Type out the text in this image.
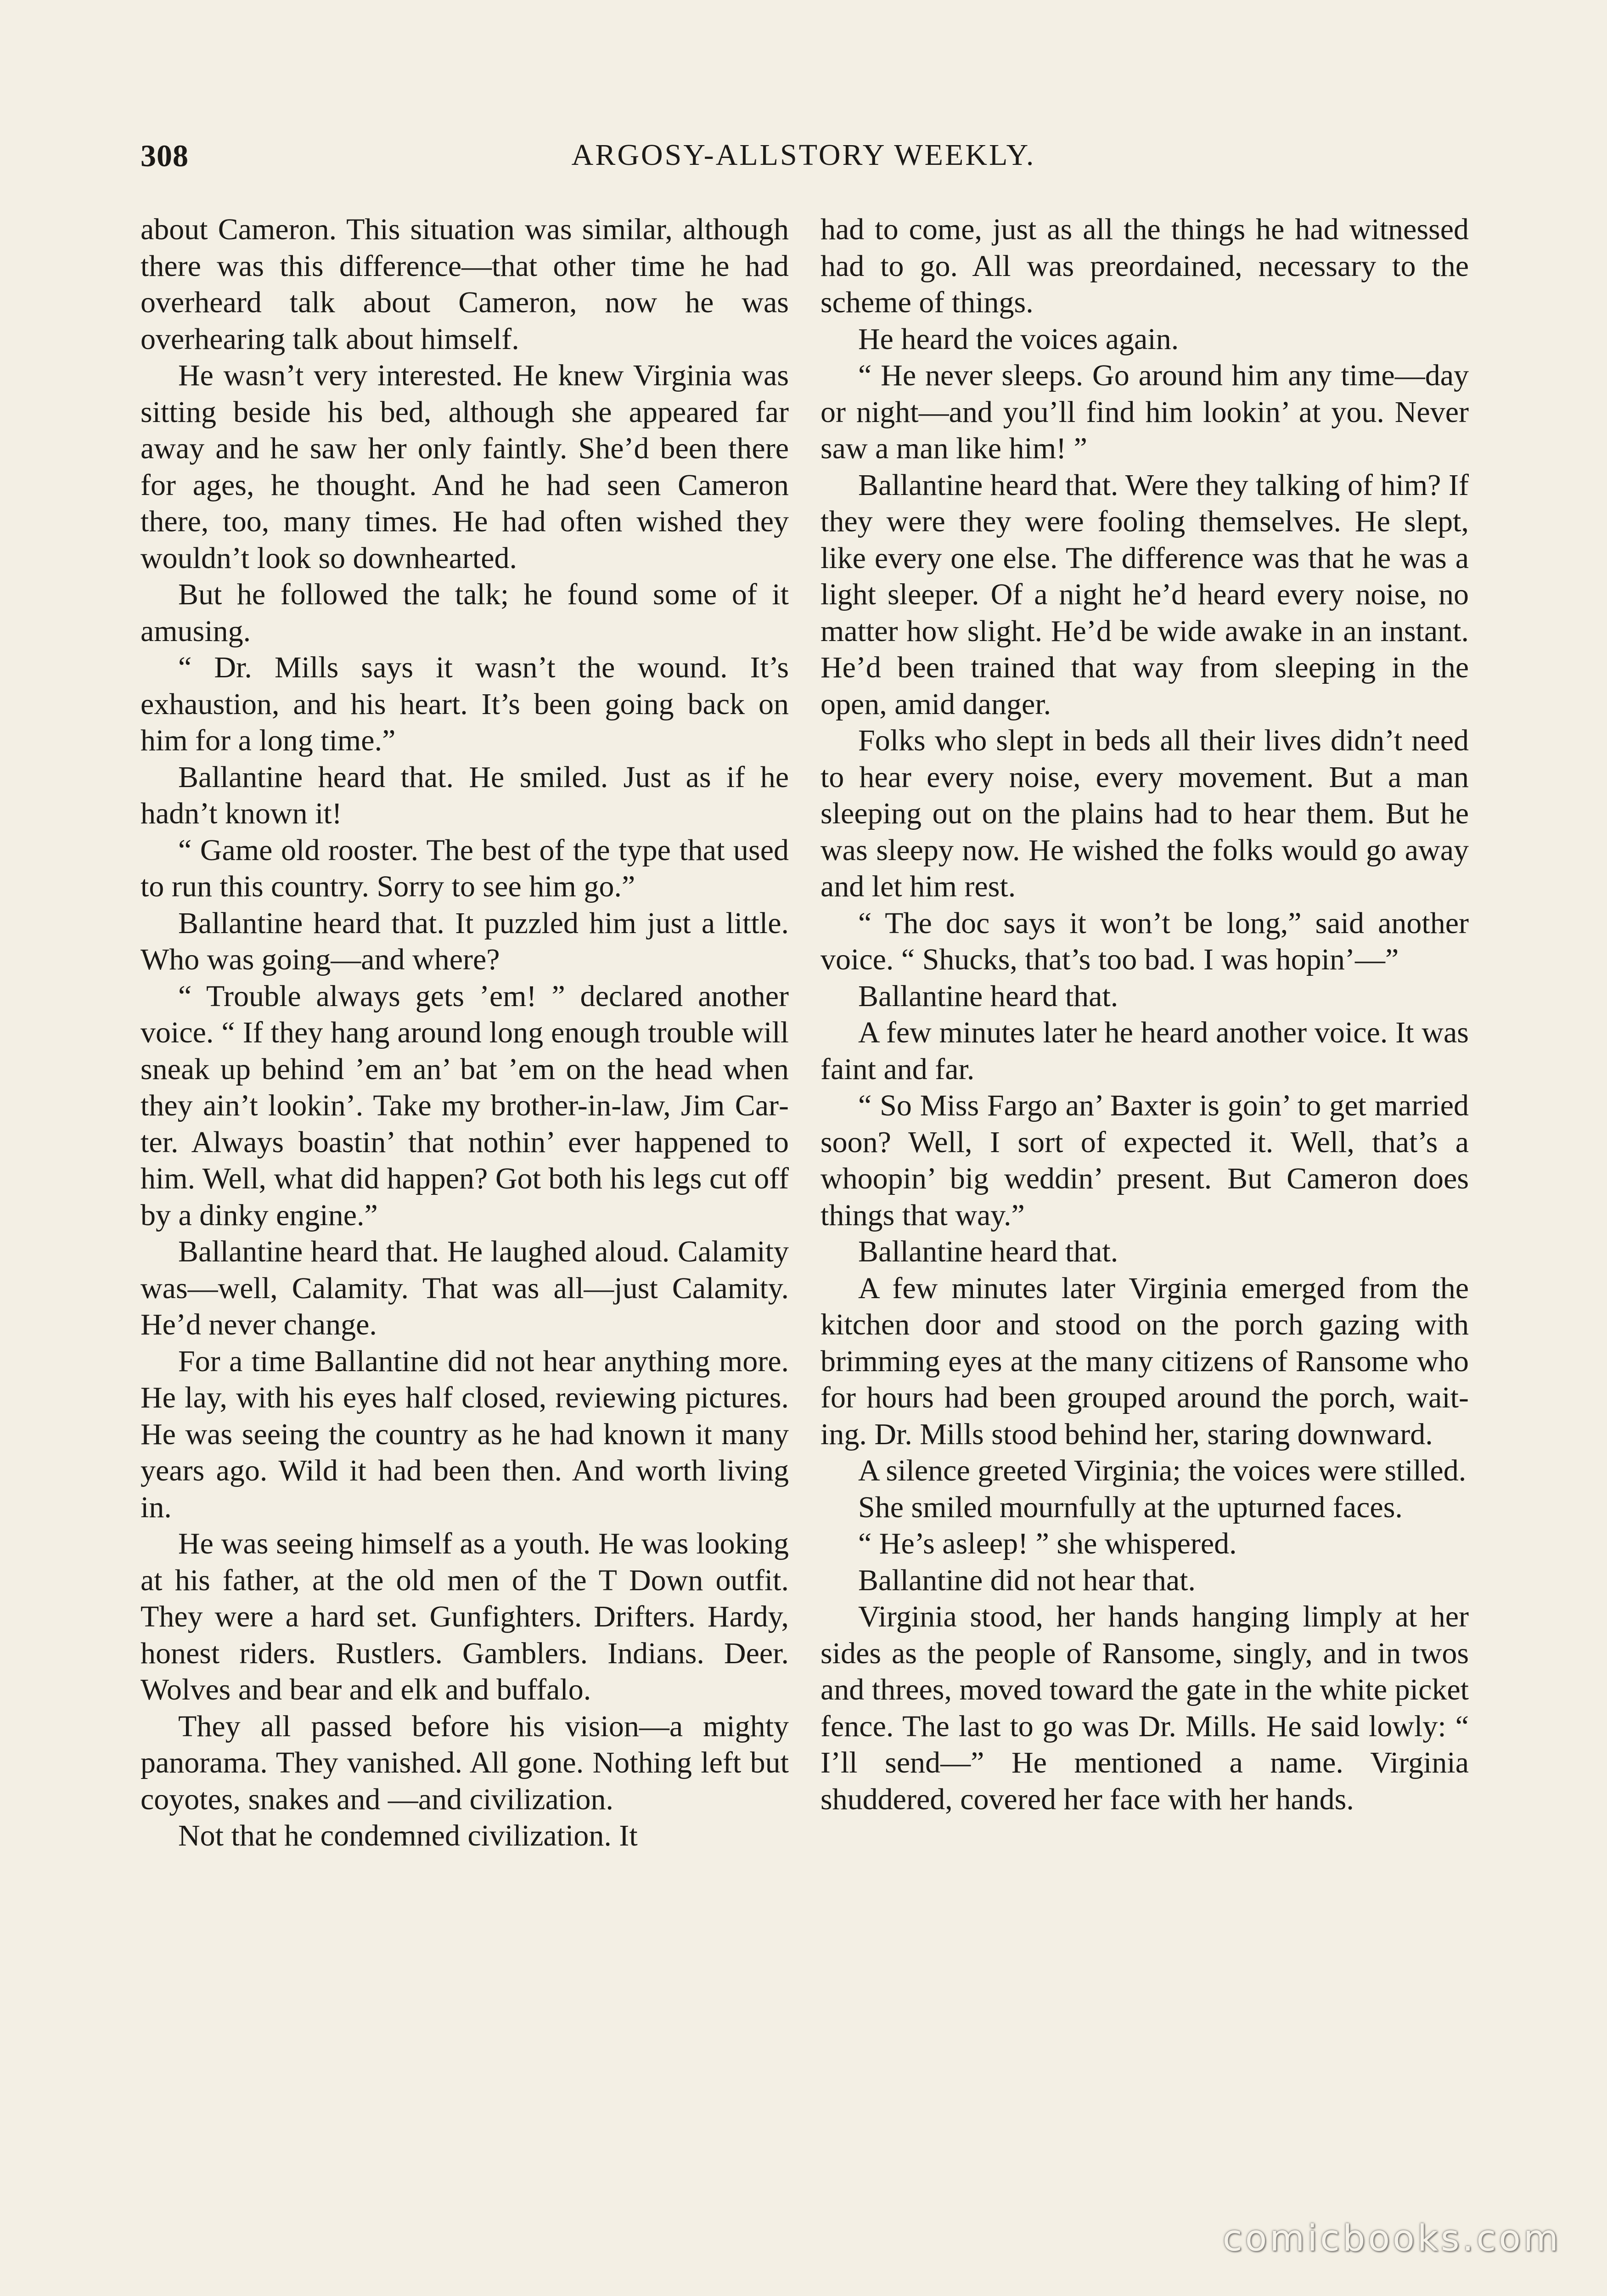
308	ARGOSY-ALLSTORY WEEKLY.

about Cameron. This situation was similar, although there was this difference—that other time he had overheard talk about Cameron, now he was overhearing talk about himself.

He wasn’t very interested. He knew Virginia was sitting beside his bed, although she appeared far away and he saw her only faintly. She’d been there for ages, he thought. And he had seen Cameron there, too, many times. He had often wished they wouldn’t look so downhearted.

But he followed the talk; he found some of it amusing.

“ Dr. Mills says it wasn’t the wound. It’s exhaustion, and his heart. It’s been going back on him for a long time.”

Ballantine heard that. He smiled. Just as if he hadn’t known it!

“ Game old rooster. The best of the type that used to run this country. Sorry to see him go.”

Ballantine heard that. It puzzled him just a little. Who was going—and where?

“ Trouble always gets ’em! ” declared another voice. “ If they hang around long enough trouble will sneak up behind ’em an’ bat ’em on the head when they ain’t lookin’. Take my brother-in-law, Jim Carter. Always boastin’ that nothin’ ever happened to him. Well, what did happen? Got both his legs cut off by a dinky engine.”

Ballantine heard that. He laughed aloud. Calamity was—well, Calamity. That was all—just Calamity. He’d never change.

For a time Ballantine did not hear anything more. He lay, with his eyes half closed, reviewing pictures. He was seeing the country as he had known it many years ago. Wild it had been then. And worth living in.

He was seeing himself as a youth. He was looking at his father, at the old men of the T Down outfit. They were a hard set. Gunfighters. Drifters. Hardy, honest riders. Rustlers. Gamblers. Indians. Deer. Wolves and bear and elk and buffalo.

They all passed before his vision—a mighty panorama. They vanished. All gone. Nothing left but coyotes, snakes and —and civilization.

Not that he condemned civilization. It

had to come, just as all the things he had witnessed had to go. All was preordained, necessary to the scheme of things.

He heard the voices again.

“ He never sleeps. Go around him any time—day or night—and you’ll find him lookin’ at you. Never saw a man like him! ”

Ballantine heard that. Were they talking of him? If they were they were fooling themselves. He slept, like every one else. The difference was that he was a light sleeper. Of a night he’d heard every noise, no matter how slight. He’d be wide awake in an instant. He’d been trained that way from sleeping in the open, amid danger.

Folks who slept in beds all their lives didn’t need to hear every noise, every movement. But a man sleeping out on the plains had to hear them. But he was sleepy now. He wished the folks would go away and let him rest.

“ The doc says it won’t be long,” said another voice. “ Shucks, that’s too bad. I was hopin’—”

Ballantine heard that.

A few minutes later he heard another voice. It was faint and far.

“ So Miss Fargo an’ Baxter is goin’ to get married soon? Well, I sort of expected it. Well, that’s a whoopin’ big weddin’ present. But Cameron does things that way.”

Ballantine heard that.

A few minutes later Virginia emerged from the kitchen door and stood on the porch gazing with brimming eyes at the many citizens of Ransome who for hours had been grouped around the porch, waiting. Dr. Mills stood behind her, staring downward.

A silence greeted Virginia; the voices were stilled.

She smiled mournfully at the upturned faces.

“ He’s asleep! ” she whispered.

Ballantine did not hear that.

Virginia stood, her hands hanging limply at her sides as the people of Ransome, singly, and in twos and threes, moved toward the gate in the white picket fence. The last to go was Dr. Mills. He said lowly: “ I’ll send—” He mentioned a name. Virginia shuddered, covered her face with her hands.

comicbooks.com
